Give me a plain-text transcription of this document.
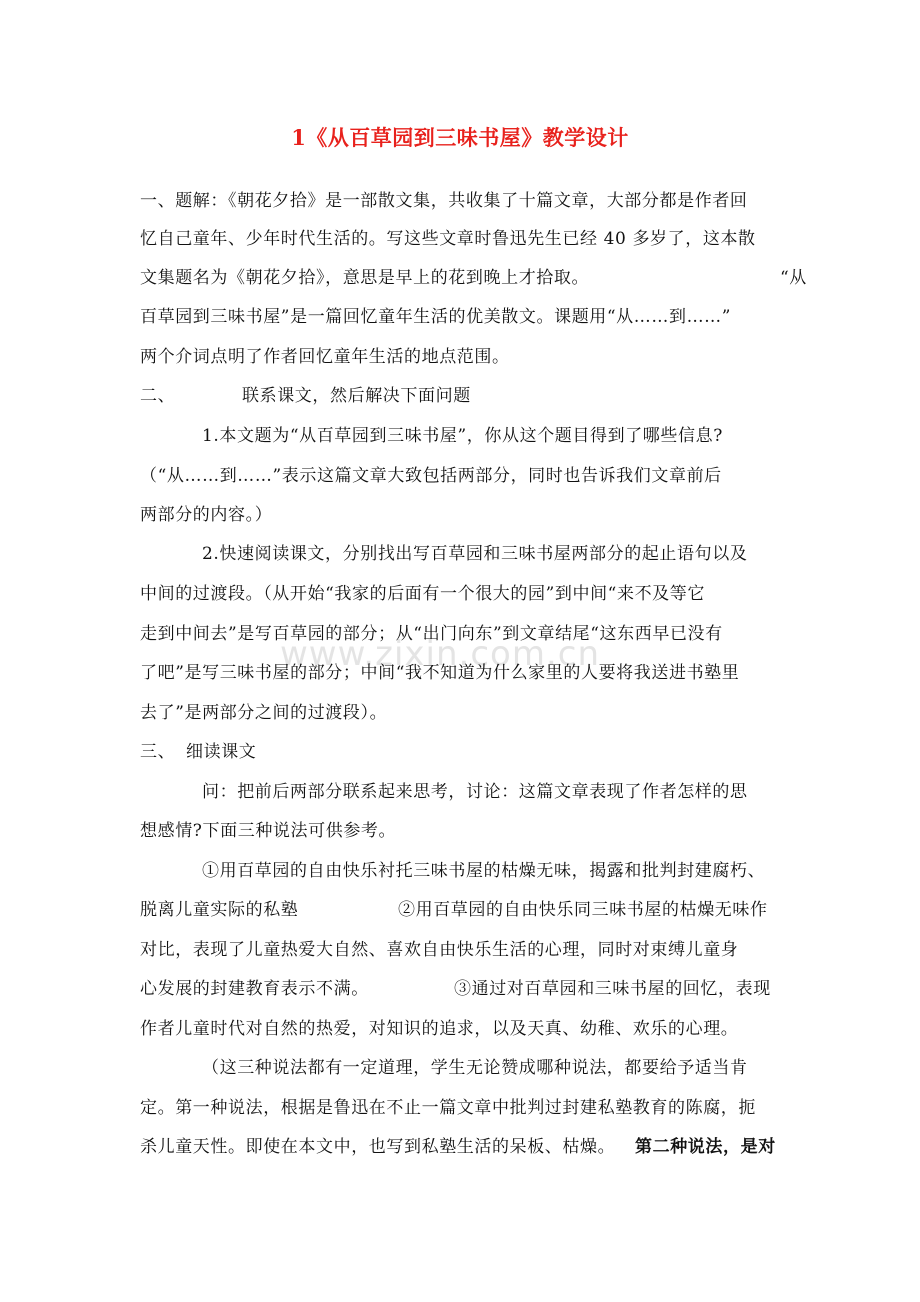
1《从百草园到三味书屋》教学设计
www.zixin.com.cn
一、题解：《朝花夕拾》是一部散文集，共收集了十篇文章，大部分都是作者回
忆自己童年、少年时代生活的。写这些文章时鲁迅先生已经 40 多岁了，这本散
文集题名为《朝花夕拾》，意思是早上的花到晚上才拾取。	“从
百草园到三味书屋”是一篇回忆童年生活的优美散文。课题用“从……到……”
两个介词点明了作者回忆童年生活的地点范围。
二、	联系课文，然后解决下面问题
1.本文题为“从百草园到三味书屋”，你从这个题目得到了哪些信息?
（“从……到……”表示这篇文章大致包括两部分，同时也告诉我们文章前后
两部分的内容。）
2.快速阅读课文，分别找出写百草园和三味书屋两部分的起止语句以及
中间的过渡段。（从开始“我家的后面有一个很大的园”到中间“来不及等它
走到中间去”是写百草园的部分；从“出门向东”到文章结尾“这东西早已没有
了吧”是写三味书屋的部分；中间“我不知道为什么家里的人要将我送进书塾里
去了”是两部分之间的过渡段）。
三、 细读课文
问：把前后两部分联系起来思考，讨论：这篇文章表现了作者怎样的思
想感情?下面三种说法可供参考。
①用百草园的自由快乐衬托三味书屋的枯燥无味，揭露和批判封建腐朽、
脱离儿童实际的私塾	②用百草园的自由快乐同三味书屋的枯燥无味作
对比，表现了儿童热爱大自然、喜欢自由快乐生活的心理，同时对束缚儿童身
心发展的封建教育表示不满。	③通过对百草园和三味书屋的回忆，表现
作者儿童时代对自然的热爱，对知识的追求，以及天真、幼稚、欢乐的心理。
（这三种说法都有一定道理，学生无论赞成哪种说法，都要给予适当肯
定。第一种说法，根据是鲁迅在不止一篇文章中批判过封建私塾教育的陈腐，扼
杀儿童天性。即使在本文中，也写到私塾生活的呆板、枯燥。 第二种说法，是对
